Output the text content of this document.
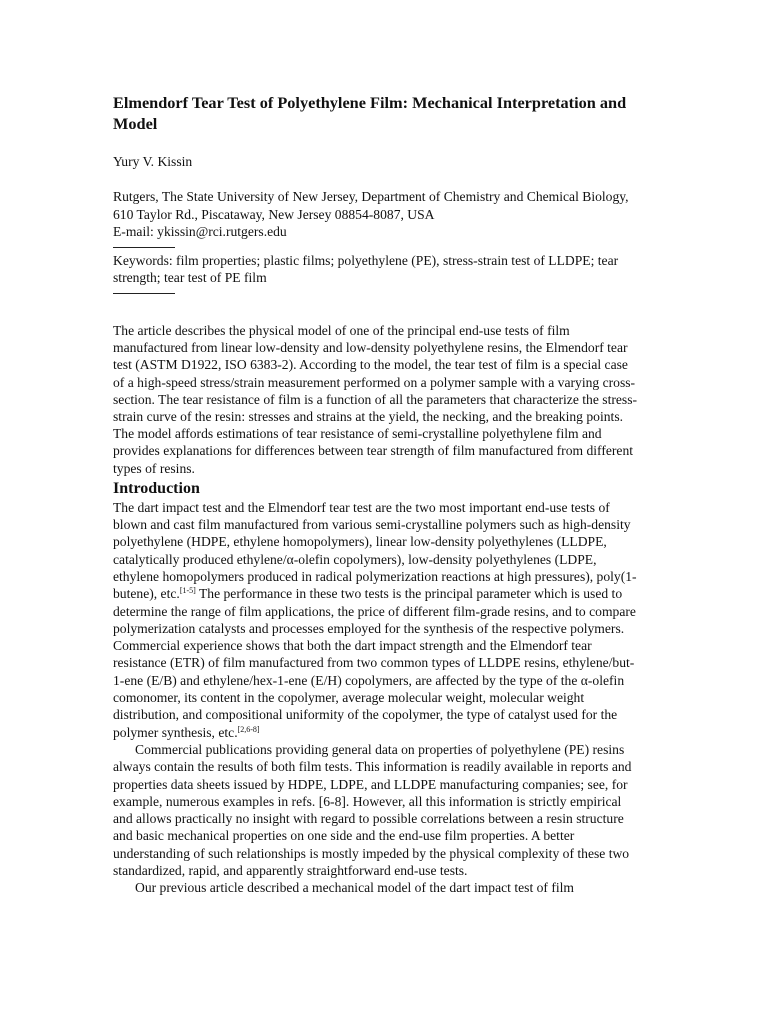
Elmendorf Tear Test of Polyethylene Film: Mechanical Interpretation and
Model
Yury V. Kissin
Rutgers, The State University of New Jersey, Department of Chemistry and Chemical Biology,
610 Taylor Rd., Piscataway, New Jersey 08854-8087, USA
E-mail: ykissin@rci.rutgers.edu
Keywords: film properties; plastic films; polyethylene (PE), stress-strain test of LLDPE; tear
strength; tear test of PE film
The article describes the physical model of one of the principal end-use tests of film
manufactured from linear low-density and low-density polyethylene resins, the Elmendorf tear
test (ASTM D1922, ISO 6383-2). According to the model, the tear test of film is a special case
of a high-speed stress/strain measurement performed on a polymer sample with a varying cross-
section. The tear resistance of film is a function of all the parameters that characterize the stress-
strain curve of the resin: stresses and strains at the yield, the necking, and the breaking points.
The model affords estimations of tear resistance of semi-crystalline polyethylene film and
provides explanations for differences between tear strength of film manufactured from different
types of resins.
Introduction
The dart impact test and the Elmendorf tear test are the two most important end-use tests of
blown and cast film manufactured from various semi-crystalline polymers such as high-density
polyethylene (HDPE, ethylene homopolymers), linear low-density polyethylenes (LLDPE,
catalytically produced ethylene/α-olefin copolymers), low-density polyethylenes (LDPE,
ethylene homopolymers produced in radical polymerization reactions at high pressures), poly(1-
butene), etc.[1-5] The performance in these two tests is the principal parameter which is used to
determine the range of film applications, the price of different film-grade resins, and to compare
polymerization catalysts and processes employed for the synthesis of the respective polymers.
Commercial experience shows that both the dart impact strength and the Elmendorf tear
resistance (ETR) of film manufactured from two common types of LLDPE resins, ethylene/but-
1-ene (E/B) and ethylene/hex-1-ene (E/H) copolymers, are affected by the type of the α-olefin
comonomer, its content in the copolymer, average molecular weight, molecular weight
distribution, and compositional uniformity of the copolymer, the type of catalyst used for the
polymer synthesis, etc.[2,6-8]
Commercial publications providing general data on properties of polyethylene (PE) resins
always contain the results of both film tests. This information is readily available in reports and
properties data sheets issued by HDPE, LDPE, and LLDPE manufacturing companies; see, for
example, numerous examples in refs. [6-8]. However, all this information is strictly empirical
and allows practically no insight with regard to possible correlations between a resin structure
and basic mechanical properties on one side and the end-use film properties. A better
understanding of such relationships is mostly impeded by the physical complexity of these two
standardized, rapid, and apparently straightforward end-use tests.
Our previous article described a mechanical model of the dart impact test of film
